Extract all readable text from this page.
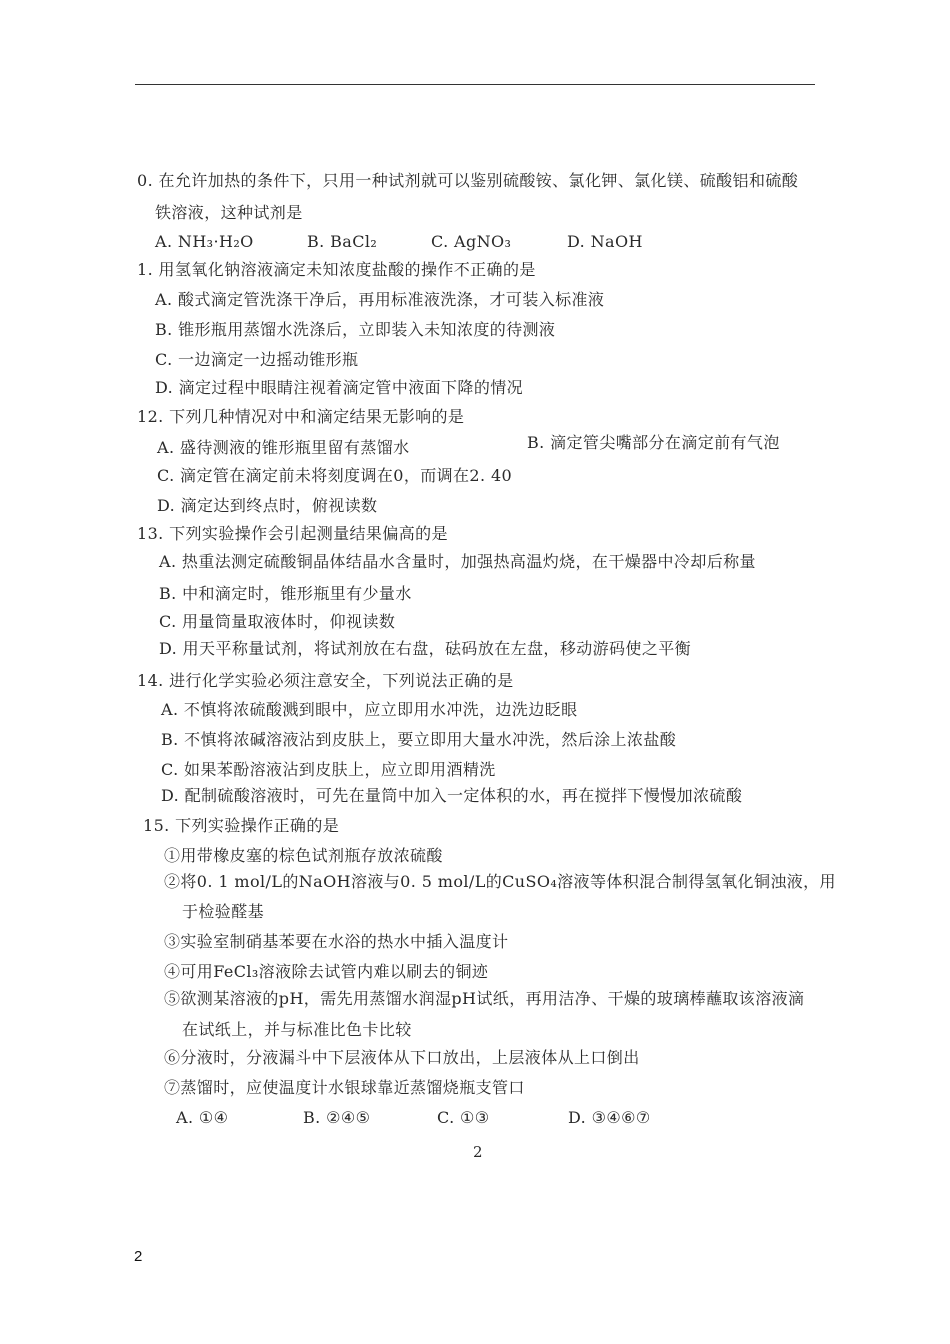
0. 在允许加热的条件下，只用一种试剂就可以鉴别硫酸铵、氯化钾、氯化镁、硫酸铝和硫酸
铁溶液，这种试剂是
A. NH₃·H₂O	B. BaCl₂	C. AgNO₃	D. NaOH
1. 用氢氧化钠溶液滴定未知浓度盐酸的操作不正确的是
A. 酸式滴定管洗涤干净后，再用标准液洗涤，才可装入标准液
B. 锥形瓶用蒸馏水洗涤后，立即装入未知浓度的待测液
C. 一边滴定一边摇动锥形瓶
D. 滴定过程中眼睛注视着滴定管中液面下降的情况
12. 下列几种情况对中和滴定结果无影响的是
A. 盛待测液的锥形瓶里留有蒸馏水	B. 滴定管尖嘴部分在滴定前有气泡
C. 滴定管在滴定前未将刻度调在0，而调在2. 40
D. 滴定达到终点时，俯视读数
13. 下列实验操作会引起测量结果偏高的是
A. 热重法测定硫酸铜晶体结晶水含量时，加强热高温灼烧，在干燥器中冷却后称量
B. 中和滴定时，锥形瓶里有少量水
C. 用量筒量取液体时，仰视读数
D. 用天平称量试剂，将试剂放在右盘，砝码放在左盘，移动游码使之平衡
14. 进行化学实验必须注意安全，下列说法正确的是
A. 不慎将浓硫酸溅到眼中，应立即用水冲洗，边洗边眨眼
B. 不慎将浓碱溶液沾到皮肤上，要立即用大量水冲洗，然后涂上浓盐酸
C. 如果苯酚溶液沾到皮肤上，应立即用酒精洗
D. 配制硫酸溶液时，可先在量筒中加入一定体积的水，再在搅拌下慢慢加浓硫酸
15. 下列实验操作正确的是
①用带橡皮塞的棕色试剂瓶存放浓硫酸
②将0. 1 mol/L的NaOH溶液与0. 5 mol/L的CuSO₄溶液等体积混合制得氢氧化铜浊液，用
于检验醛基
③实验室制硝基苯要在水浴的热水中插入温度计
④可用FeCl₃溶液除去试管内难以刷去的铜迹
⑤欲测某溶液的pH，需先用蒸馏水润湿pH试纸，再用洁净、干燥的玻璃棒蘸取该溶液滴
在试纸上，并与标准比色卡比较
⑥分液时，分液漏斗中下层液体从下口放出，上层液体从上口倒出
⑦蒸馏时，应使温度计水银球靠近蒸馏烧瓶支管口
A. ①④	B. ②④⑤	C. ①③	D. ③④⑥⑦
2
2
